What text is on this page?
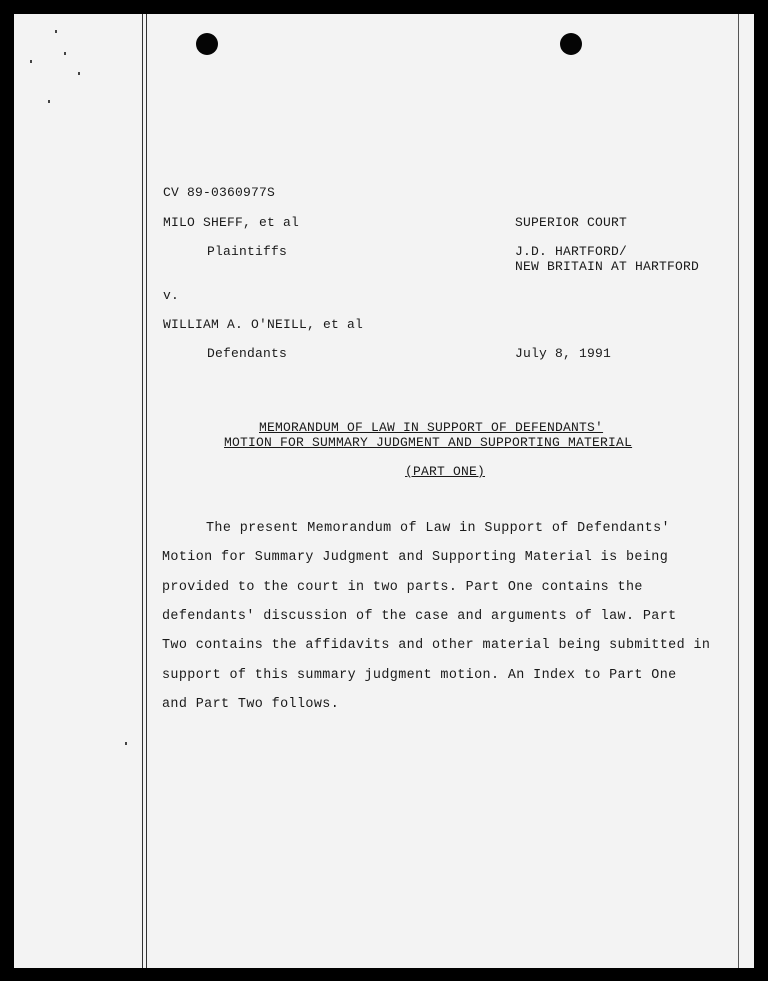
CV 89-0360977S
MILO SHEFF, et al
Plaintiffs
v.
WILLIAM A. O'NEILL, et al
Defendants
SUPERIOR COURT
J.D. HARTFORD/
NEW BRITAIN AT HARTFORD
July 8, 1991
MEMORANDUM OF LAW IN SUPPORT OF DEFENDANTS'
MOTION FOR SUMMARY JUDGMENT AND SUPPORTING MATERIAL
(PART ONE)
The present Memorandum of Law in Support of Defendants'
Motion for Summary Judgment and Supporting Material is being
provided to the court in two parts. Part One contains the
defendants' discussion of the case and arguments of law. Part
Two contains the affidavits and other material being submitted in
support of this summary judgment motion. An Index to Part One
and Part Two follows.
